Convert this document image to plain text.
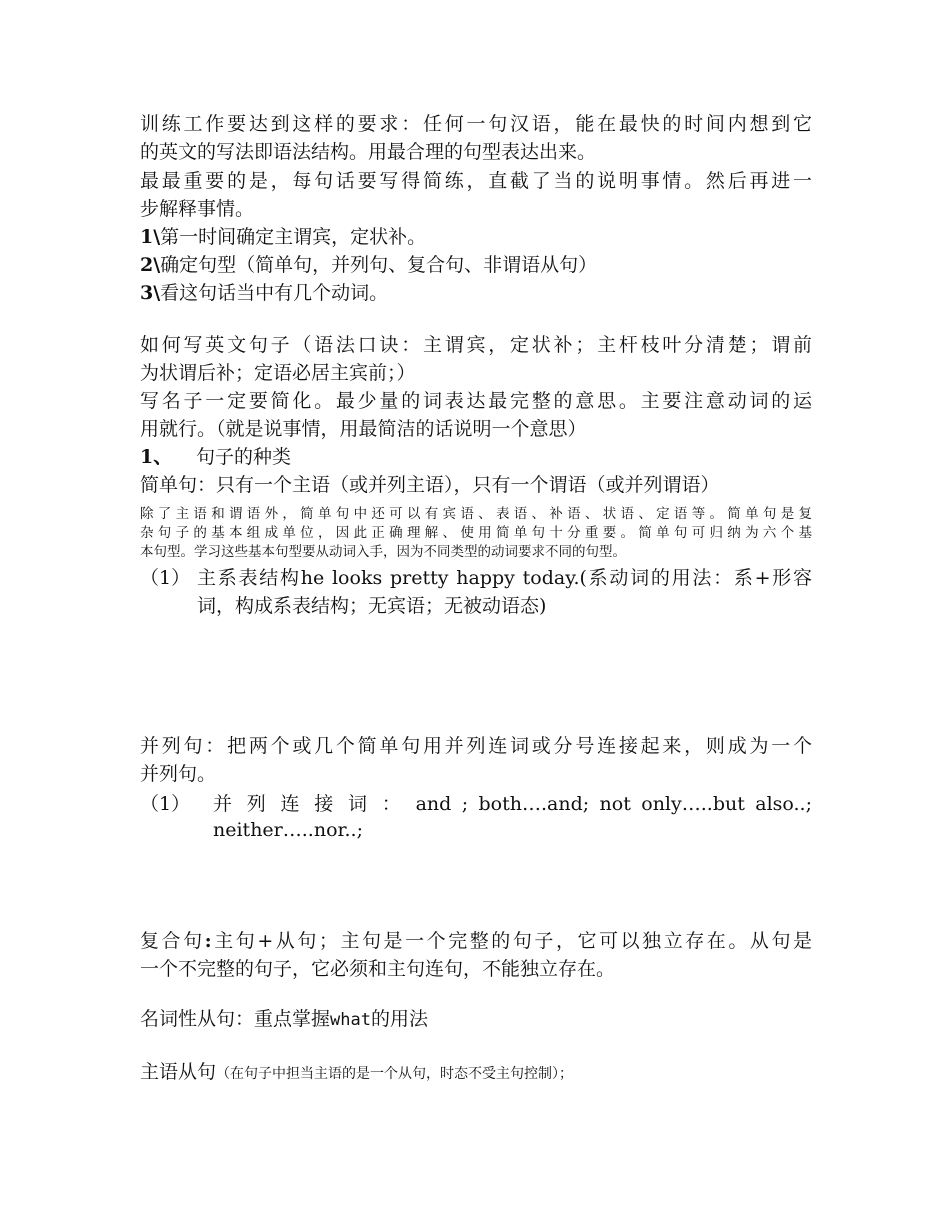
训练工作要达到这样的要求：任何一句汉语，能在最快的时间内想到它
的英文的写法即语法结构。用最合理的句型表达出来。
最最重要的是，每句话要写得简练，直截了当的说明事情。然后再进一
步解释事情。
1\第一时间确定主谓宾，定状补。
2\确定句型（简单句，并列句、复合句、非谓语从句）
3\看这句话当中有几个动词。
如何写英文句子（语法口诀：主谓宾，定状补；主杆枝叶分清楚；谓前
为状谓后补；定语必居主宾前；）
写名子一定要简化。最少量的词表达最完整的意思。主要注意动词的运
用就行。（就是说事情，用最简洁的话说明一个意思）
1、 句子的种类
简单句：只有一个主语（或并列主语），只有一个谓语（或并列谓语）
除了主语和谓语外，简单句中还可以有宾语、表语、补语、状语、定语等。简单句是复
杂句子的基本组成单位，因此正确理解、使用简单句十分重要。简单句可归纳为六个基
本句型。学习这些基本句型要从动词入手，因为不同类型的动词要求不同的句型。
（1） 主系表结构he looks pretty happy today.(系动词的用法：系+形容
词，构成系表结构；无宾语；无被动语态)
并列句：把两个或几个简单句用并列连词或分号连接起来，则成为一个
并列句。
（1） 并 列 连 接 词 ： and ; both….and; not only…..but also..;
neither…..nor..;
复合句:主句+从句；主句是一个完整的句子，它可以独立存在。从句是
一个不完整的句子，它必须和主句连句，不能独立存在。
名词性从句：重点掌握what的用法
主语从句（在句子中担当主语的是一个从句，时态不受主句控制）；
